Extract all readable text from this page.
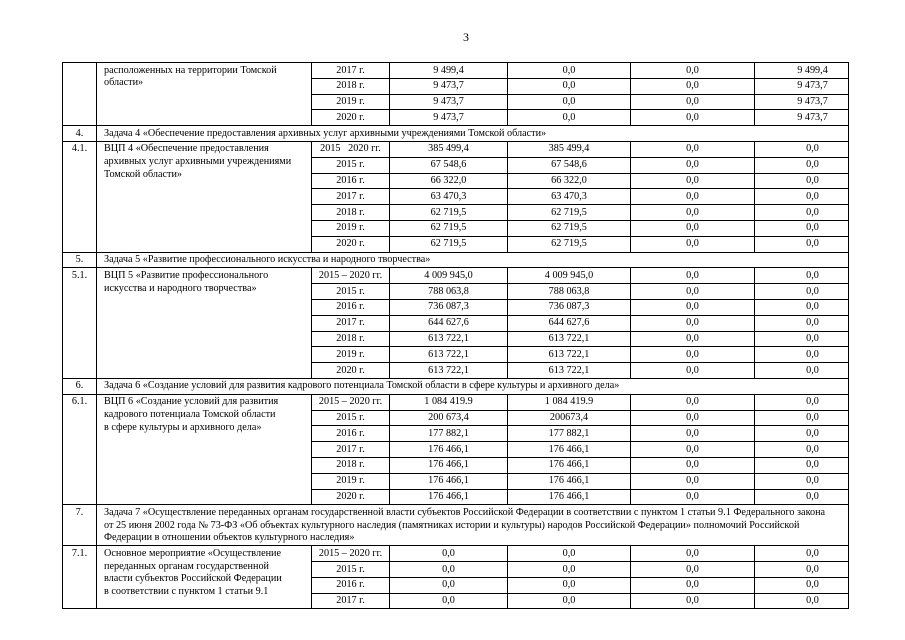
3
	расположенных на территории Томской
области»	2017 г.	9 499,4	0,0	0,0	9 499,4
		2018 г.	9 473,7	0,0	0,0	9 473,7
		2019 г.	9 473,7	0,0	0,0	9 473,7
		2020 г.	9 473,7	0,0	0,0	9 473,7
4.	Задача 4 «Обеспечение предоставления архивных услуг архивными учреждениями Томской области»					
4.1.	ВЦП 4 «Обеспечение предоставления
архивных услуг архивными учреждениями
Томской области»	2015   2020 гг.	385 499,4	385 499,4	0,0	0,0
		2015 г.	67 548,6	67 548,6	0,0	0,0
		2016 г.	66 322,0	66 322,0	0,0	0,0
		2017 г.	63 470,3	63 470,3	0,0	0,0
		2018 г.	62 719,5	62 719,5	0,0	0,0
		2019 г.	62 719,5	62 719,5	0,0	0,0
		2020 г.	62 719,5	62 719,5	0,0	0,0
5.	Задача 5 «Развитие профессионального искусства и народного творчества»					
5.1.	ВЦП 5 «Развитие профессионального
искусства и народного творчества»	2015 – 2020 гг.	4 009 945,0	4 009 945,0	0,0	0,0
		2015 г.	788 063,8	788 063,8	0,0	0,0
		2016 г.	736 087,3	736 087,3	0,0	0,0
		2017 г.	644 627,6	644 627,6	0,0	0,0
		2018 г.	613 722,1	613 722,1	0,0	0,0
		2019 г.	613 722,1	613 722,1	0,0	0,0
		2020 г.	613 722,1	613 722,1	0,0	0,0
6.	Задача 6 «Создание условий для развития кадрового потенциала Томской области в сфере культуры и архивного дела»					
6.1.	ВЦП 6 «Создание условий для развития
кадрового потенциала Томской области
в сфере культуры и архивного дела»	2015 – 2020 гг.	1 084 419.9	1 084 419.9	0,0	0,0
		2015 г.	200 673,4	200673,4	0,0	0,0
		2016 г.	177 882,1	177 882,1	0,0	0,0
		2017 г.	176 466,1	176 466,1	0,0	0,0
		2018 г.	176 466,1	176 466,1	0,0	0,0
		2019 г.	176 466,1	176 466,1	0,0	0,0
		2020 г.	176 466,1	176 466,1	0,0	0,0
7.	Задача 7 «Осуществление переданных органам государственной власти субъектов Российской Федерации в соответствии с пунктом 1 статьи 9.1 Федерального закона
от 25 июня 2002 года № 73-ФЗ «Об объектах культурного наследия (памятниках истории и культуры) народов Российской Федерации» полномочий Российской
Федерации в отношении объектов культурного наследия»					
7.1.	Основное мероприятие «Осуществление
переданных органам государственной
власти субъектов Российской Федерации
в соответствии с пунктом 1 статьи 9.1	2015 – 2020 гг.	0,0	0,0	0,0	0,0
		2015 г.	0,0	0,0	0,0	0,0
		2016 г.	0,0	0,0	0,0	0,0
		2017 г.	0,0	0,0	0,0	0,0
